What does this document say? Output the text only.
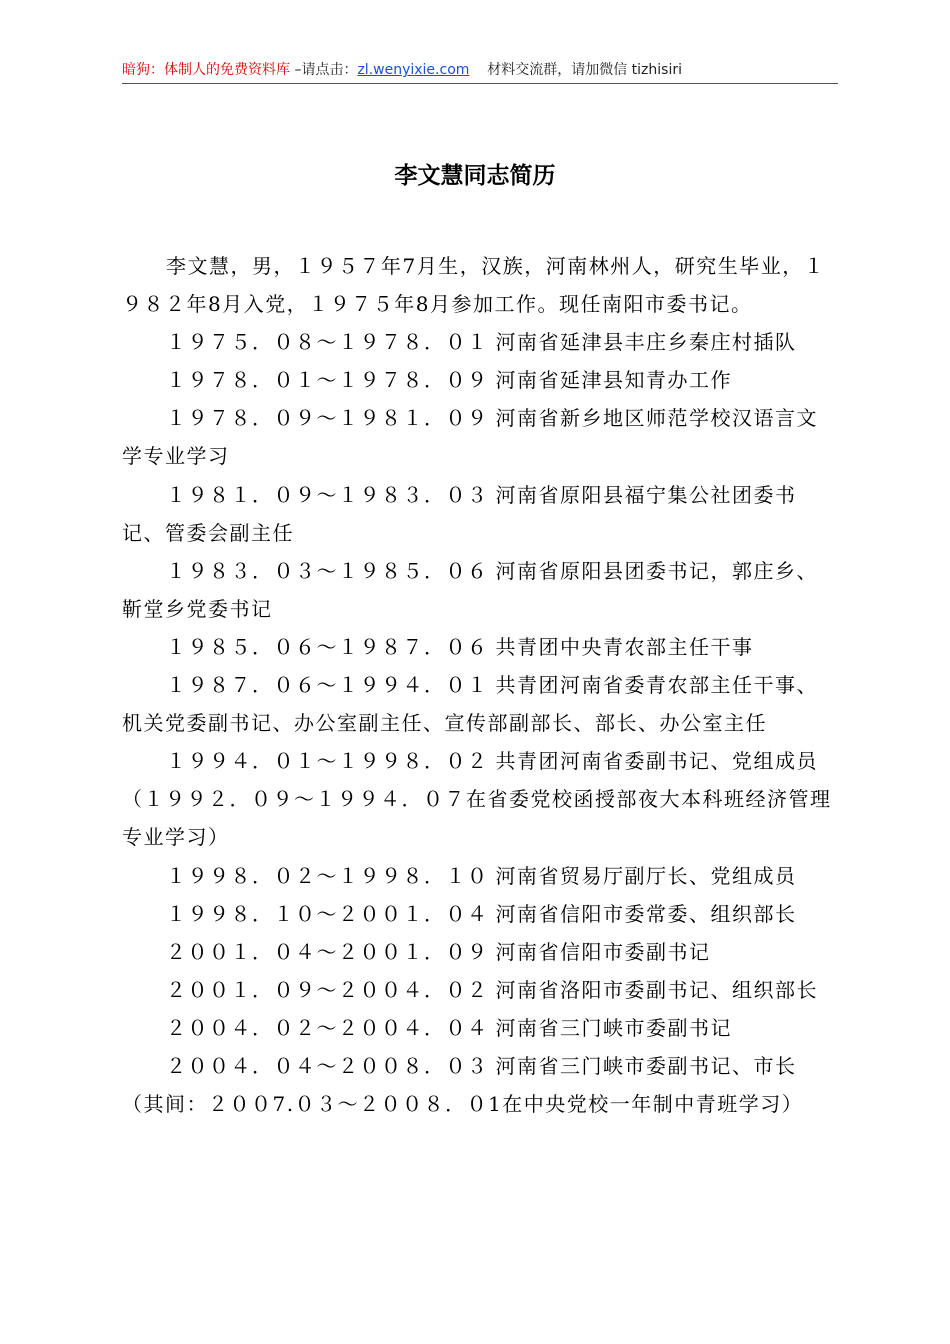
暗狗：体制人的免费资料库 –请点击：zl.wenyixie.com 材料交流群，请加微信 tizhisiri
李文慧同志简历

李文慧，男，１９５７年7月生，汉族，河南林州人，研究生毕业，１９８２年8月入党，１９７５年8月参加工作。现任南阳市委书记。

１９７５．０８～１９７８．０１ 河南省延津县丰庄乡秦庄村插队

１９７８．０１～１９７８．０９ 河南省延津县知青办工作

１９７８．０９～１９８１．０９ 河南省新乡地区师范学校汉语言文学专业学习

１９８１．０９～１９８３．０３ 河南省原阳县福宁集公社团委书记、管委会副主任

１９８３．０３～１９８５．０６ 河南省原阳县团委书记，郭庄乡、靳堂乡党委书记

１９８５．０６～１９８７．０６ 共青团中央青农部主任干事

１９８７．０６～１９９４．０１ 共青团河南省委青农部主任干事、机关党委副书记、办公室副主任、宣传部副部长、部长、办公室主任

１９９４．０１～１９９８．０２ 共青团河南省委副书记、党组成员（１９９２．０９～１９９４．０７在省委党校函授部夜大本科班经济管理专业学习）

１９９８．０２～１９９８．１０ 河南省贸易厅副厅长、党组成员

１９９８．１０～２００１．０４ 河南省信阳市委常委、组织部长

２００１．０４～２００１．０９ 河南省信阳市委副书记

２００１．０９～２００４．０２ 河南省洛阳市委副书记、组织部长

２００４．０２～２００４．０４ 河南省三门峡市委副书记

２００４．０４～２００８．０３ 河南省三门峡市委副书记、市长（其间：２００7.０３～２００８．０1在中央党校一年制中青班学习）
